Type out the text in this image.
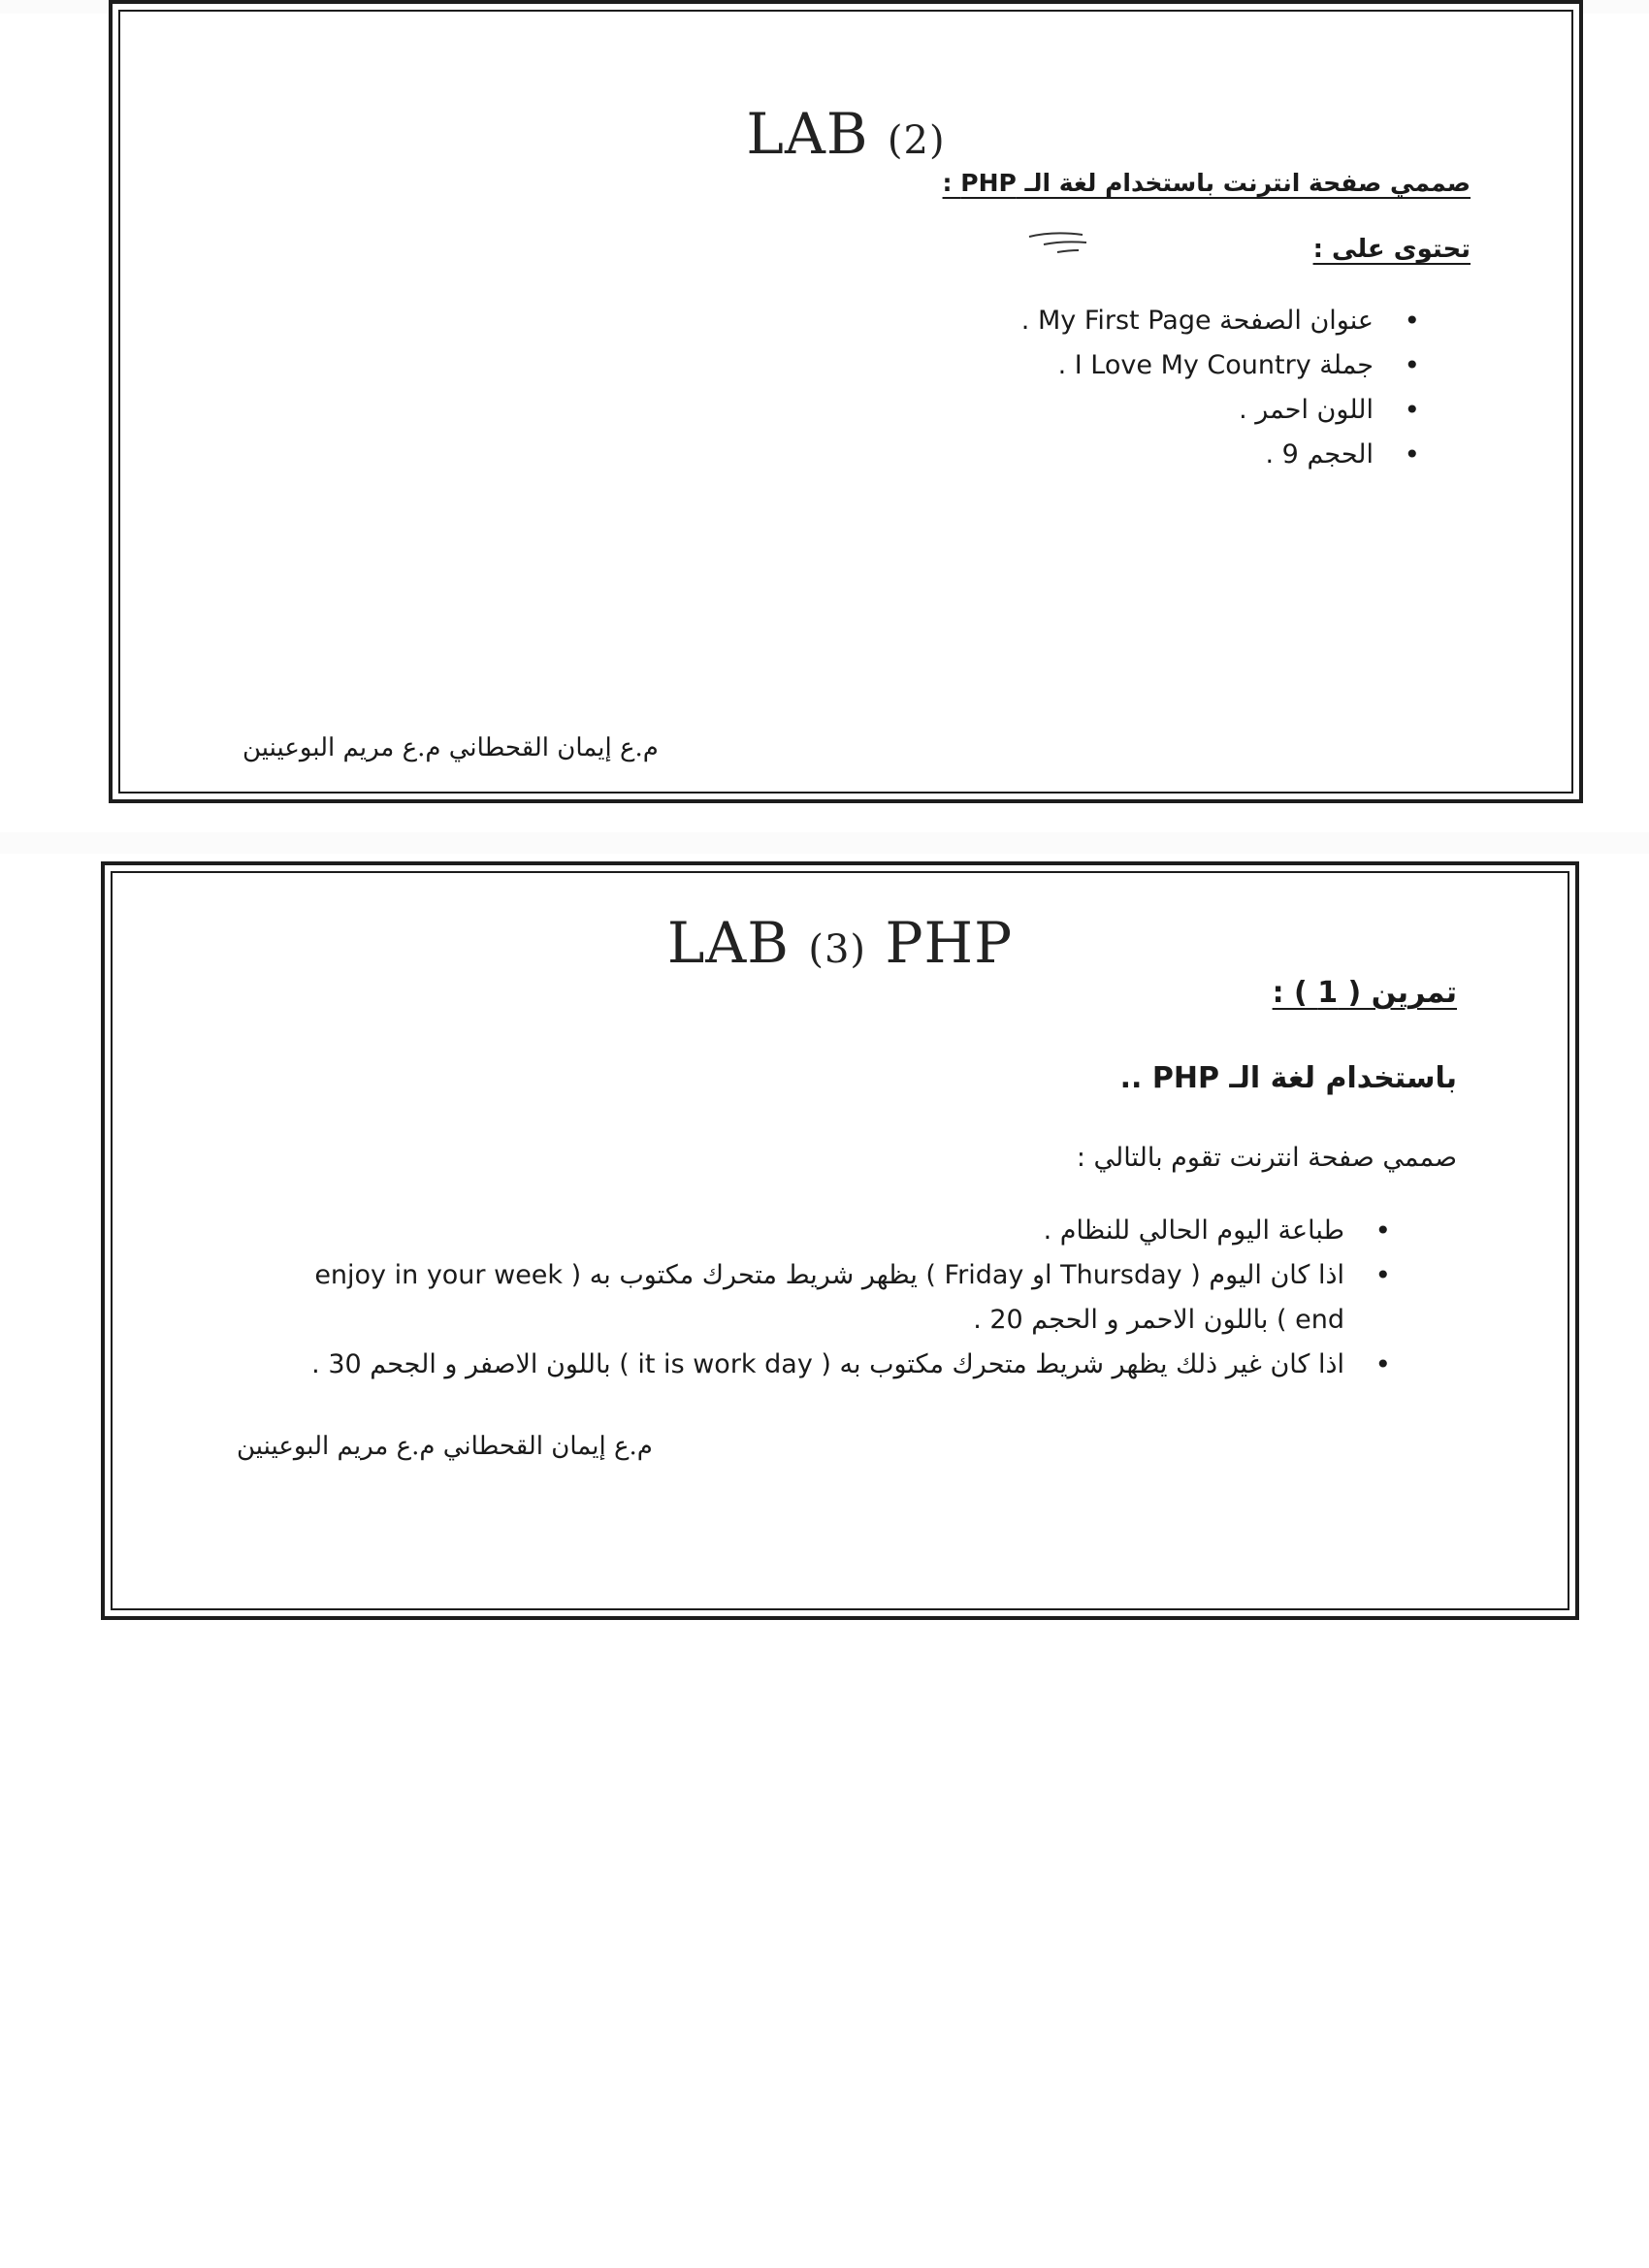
LAB (2)
صممي صفحة انترنت باستخدام لغة الـ PHP :
تحتوى على :
• عنوان الصفحة My First Page .
• جملة I Love My Country .
• اللون احمر .
• الحجم 9 .
م.ع إيمان القحطاني م.ع مريم البوعينين
LAB (3) PHP
تمرين ( 1 ) :
باستخدام لغة الـ PHP ..
صممي صفحة انترنت تقوم بالتالي :
• طباعة اليوم الحالي للنظام .
• اذا كان اليوم ( Thursday او Friday ) يظهر شريط متحرك مكتوب به ( enjoy in your week end ) باللون الاحمر و الحجم 20 .
• اذا كان غير ذلك يظهر شريط متحرك مكتوب به ( it is work day ) باللون الاصفر و الجحم 30 .
م.ع إيمان القحطاني م.ع مريم البوعينين
